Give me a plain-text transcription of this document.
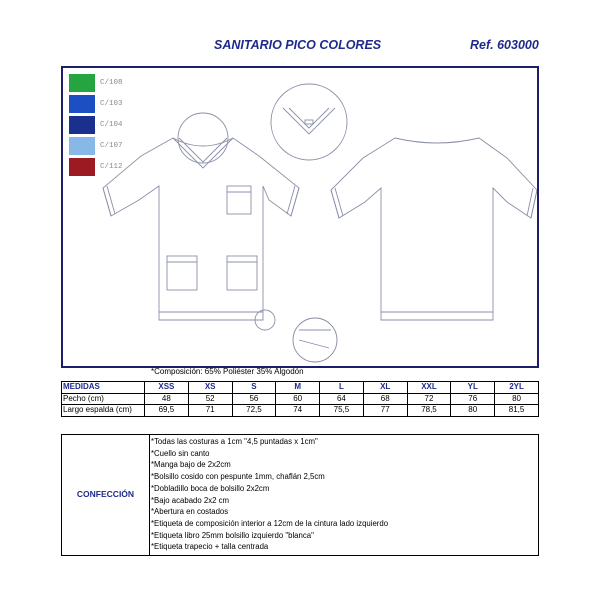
SANITARIO PICO COLORES	Ref. 603000
C/108
C/103
C/104
C/107
C/112
*Composición: 65% Poliéster 35% Algodón
MEDIDAS	XSS	XS	S	M	L	XL	XXL	YL	2YL
Pecho (cm)	48	52	56	60	64	68	72	76	80
Largo espalda (cm)	69,5	71	72,5	74	75,5	77	78,5	80	81,5
CONFECCIÓN
*Todas las costuras a 1cm "4,5 puntadas x 1cm"
*Cuello sin canto
*Manga bajo de 2x2cm
*Bolsillo cosido con pespunte 1mm, chaflán 2,5cm
*Dobladillo boca de bolsillo 2x2cm
*Bajo acabado 2x2 cm
*Abertura en costados
*Etiqueta de composición interior a 12cm de la cintura lado izquierdo
*Etiqueta libro 25mm bolsillo izquierdo "blanca"
*Etiqueta trapecio + talla centrada
